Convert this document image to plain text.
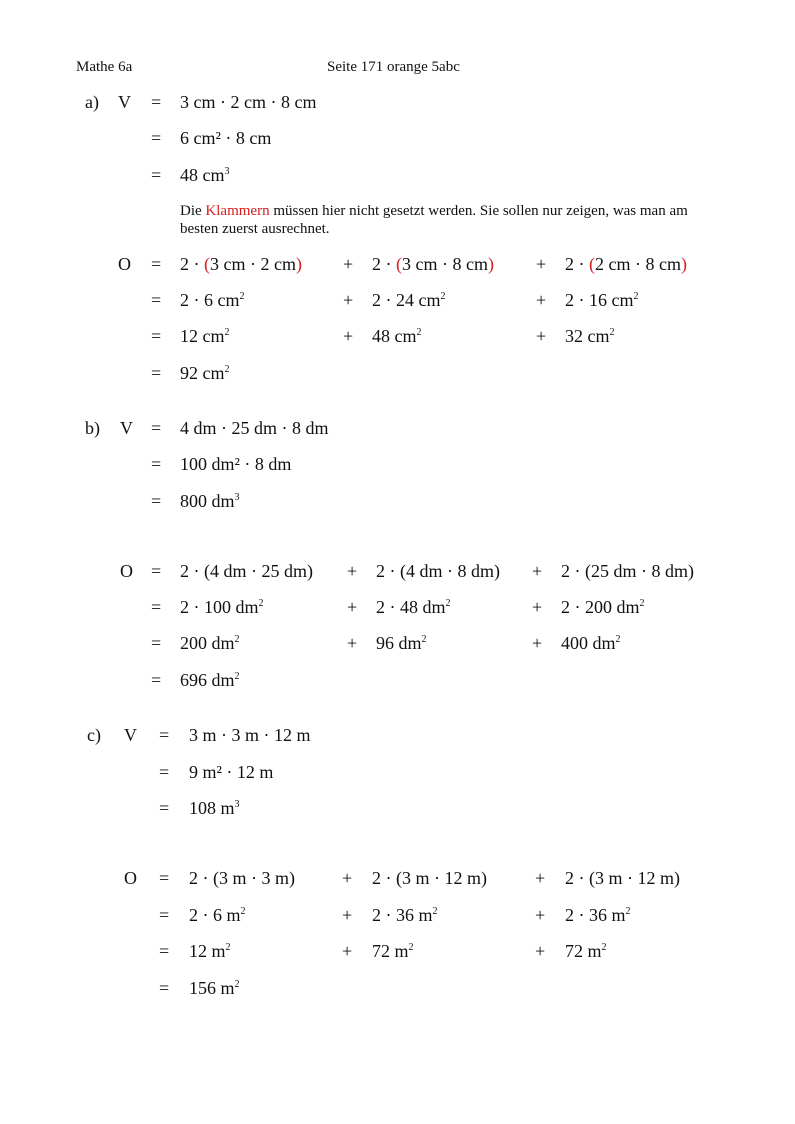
Mathe 6a	Seite 171 orange 5abc
a) V = 3 cm · 2 cm · 8 cm
= 6 cm² · 8 cm
= 48 $cm^3$
Die Klammern müssen hier nicht gesetzt werden. Sie sollen nur zeigen, was man am besten zuerst ausrechnet.
O = 2 · (3 cm · 2 cm) + 2 · (3 cm · 8 cm) + 2 · (2 cm · 8 cm)
= 2 · 6 $cm^2$	+ 2 · 24 $cm^2$	+ 2 · 16 $cm^2$
= 12 $cm^2$	+ 48 $cm^2$	+ 32 $cm^2$
= 92 $cm^2$
b) V = 4 dm · 25 dm · 8 dm
= 100 dm² · 8 dm
= 800 $dm^3$
O = 2 · (4 dm · 25 dm) + 2 · (4 dm · 8 dm) + 2 · (25 dm · 8 dm)
= 2 · 100 $dm^2$	+ 2 · 48 $dm^2$	+ 2 · 200 $dm^2$
= 200 $dm^2$	+ 96 $dm^2$	+ 400 $dm^2$
= 696 $dm^2$
c) V = 3 m · 3 m · 12 m
= 9 m² · 12 m
= 108 $m^3$
O = 2 · (3 m · 3 m)	+ 2 · (3 m · 12 m)	+ 2 · (3 m · 12 m)
= 2 · 6 $m^2$	+ 2 · 36 $m^2$	+ 2 · 36 $m^2$
= 12 $m^2$	+ 72 $m^2$	+ 72 $m^2$
= 156 $m^2$
